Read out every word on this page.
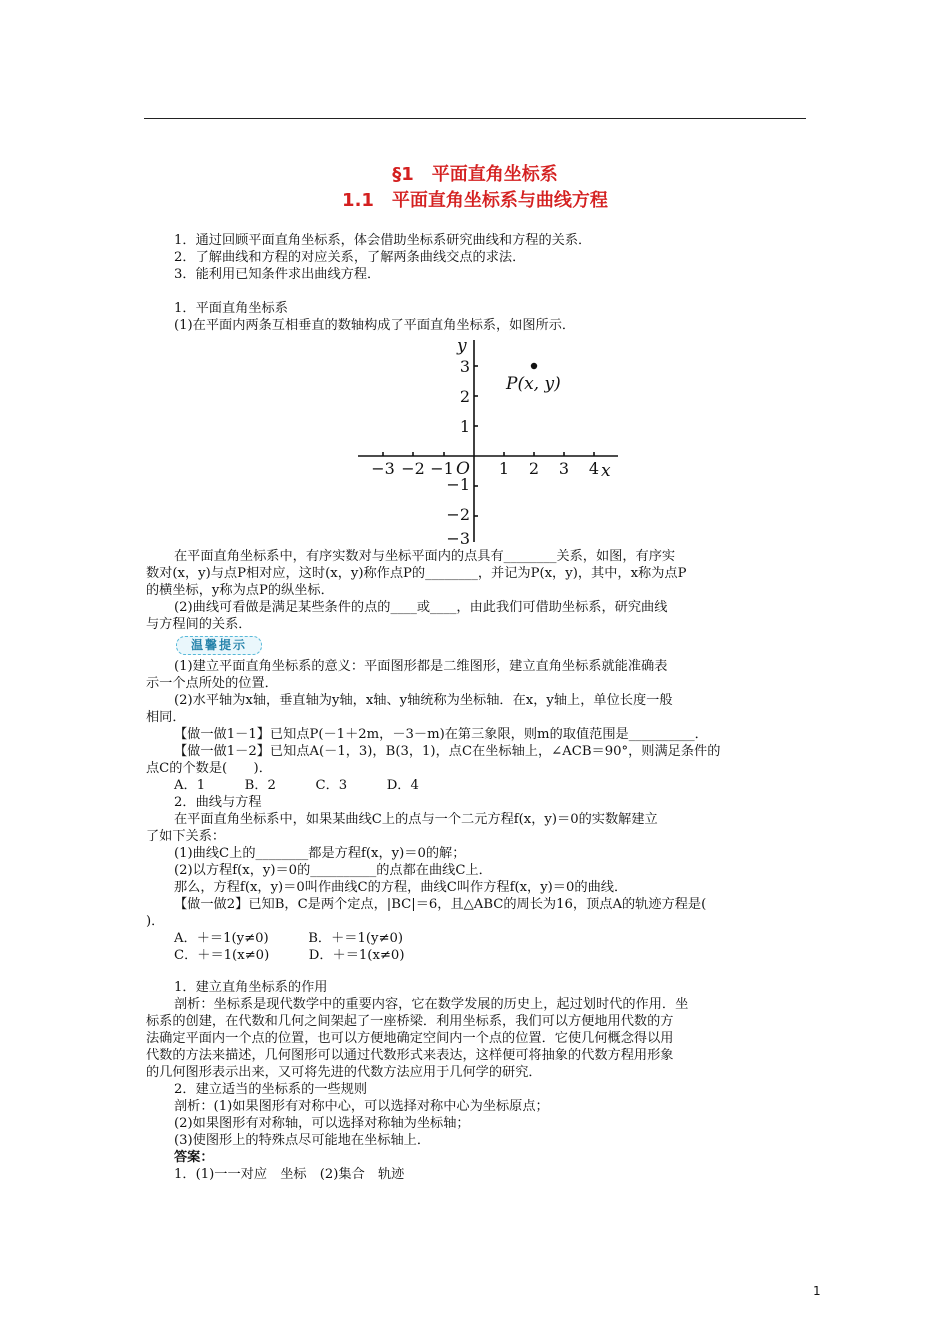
§1　平面直角坐标系
1.1　平面直角坐标系与曲线方程
1．通过回顾平面直角坐标系，体会借助坐标系研究曲线和方程的关系．
2．了解曲线和方程的对应关系，了解两条曲线交点的求法．
3．能利用已知条件求出曲线方程．
1．平面直角坐标系
(1)在平面内两条互相垂直的数轴构成了平面直角坐标系，如图所示．
y
x
O
P(x, y)
−3 −2 −1	1 2 3 4
3
2
1
−1
−2
−3
在平面直角坐标系中，有序实数对与坐标平面内的点具有________关系，如图，有序实
数对(x，y)与点P相对应，这时(x，y)称作点P的________，并记为P(x，y)，其中，x称为点P
的横坐标，y称为点P的纵坐标．
(2)曲线可看做是满足某些条件的点的____或____，由此我们可借助坐标系，研究曲线
与方程间的关系．
温馨提示
(1)建立平面直角坐标系的意义：平面图形都是二维图形，建立直角坐标系就能准确表
示一个点所处的位置．
(2)水平轴为x轴，垂直轴为y轴，x轴、y轴统称为坐标轴．在x，y轴上，单位长度一般
相同．
【做一做1－1】已知点P(－1＋2m，－3－m)在第三象限，则m的取值范围是__________．
【做一做1－2】已知点A(－1，3)，B(3，1)，点C在坐标轴上，∠ACB＝90°，则满足条件的
点C的个数是(　　)．
A．1　　　B．2　　　C．3　　　D．4
2．曲线与方程
在平面直角坐标系中，如果某曲线C上的点与一个二元方程f(x，y)＝0的实数解建立
了如下关系：
(1)曲线C上的________都是方程f(x，y)＝0的解；
(2)以方程f(x，y)＝0的__________的点都在曲线C上．
那么，方程f(x，y)＝0叫作曲线C的方程，曲线C叫作方程f(x，y)＝0的曲线．
【做一做2】已知B，C是两个定点，|BC|＝6，且△ABC的周长为16，顶点A的轨迹方程是(
)．
A．＋＝1(y≠0)　　　B．＋＝1(y≠0)
C．＋＝1(x≠0)　　　D．＋＝1(x≠0)
1．建立直角坐标系的作用
剖析：坐标系是现代数学中的重要内容，它在数学发展的历史上，起过划时代的作用．坐
标系的创建，在代数和几何之间架起了一座桥梁．利用坐标系，我们可以方便地用代数的方
法确定平面内一个点的位置，也可以方便地确定空间内一个点的位置．它使几何概念得以用
代数的方法来描述，几何图形可以通过代数形式来表达，这样便可将抽象的代数方程用形象
的几何图形表示出来，又可将先进的代数方法应用于几何学的研究．
2．建立适当的坐标系的一些规则
剖析：(1)如果图形有对称中心，可以选择对称中心为坐标原点；
(2)如果图形有对称轴，可以选择对称轴为坐标轴；
(3)使图形上的特殊点尽可能地在坐标轴上．
答案：
1．(1)一一对应　坐标　(2)集合　轨迹
1
